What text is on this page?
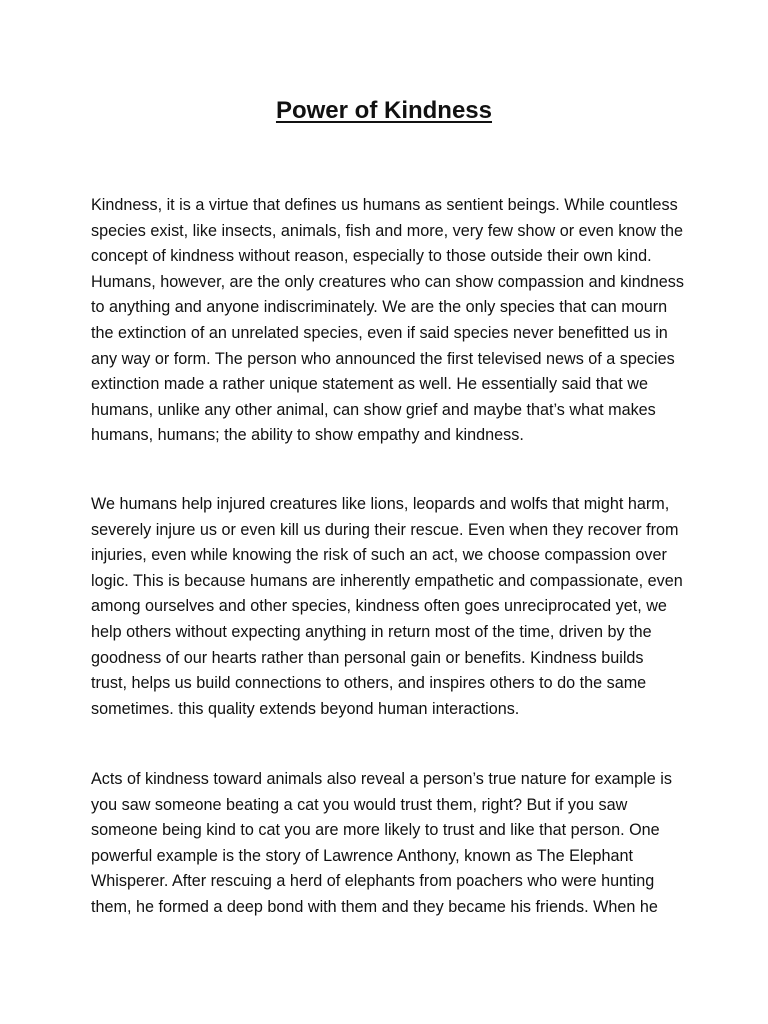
Power of Kindness

Kindness, it is a virtue that defines us humans as sentient beings. While countless
species exist, like insects, animals, fish and more, very few show or even know the
concept of kindness without reason, especially to those outside their own kind.
Humans, however, are the only creatures who can show compassion and kindness
to anything and anyone indiscriminately. We are the only species that can mourn
the extinction of an unrelated species, even if said species never benefitted us in
any way or form. The person who announced the first televised news of a species
extinction made a rather unique statement as well. He essentially said that we
humans, unlike any other animal, can show grief and maybe that’s what makes
humans, humans; the ability to show empathy and kindness.

We humans help injured creatures like lions, leopards and wolfs that might harm,
severely injure us or even kill us during their rescue. Even when they recover from
injuries, even while knowing the risk of such an act, we choose compassion over
logic. This is because humans are inherently empathetic and compassionate, even
among ourselves and other species, kindness often goes unreciprocated yet, we
help others without expecting anything in return most of the time, driven by the
goodness of our hearts rather than personal gain or benefits. Kindness builds
trust, helps us build connections to others, and inspires others to do the same
sometimes. this quality extends beyond human interactions.

Acts of kindness toward animals also reveal a person’s true nature for example is
you saw someone beating a cat you would trust them, right? But if you saw
someone being kind to cat you are more likely to trust and like that person. One
powerful example is the story of Lawrence Anthony, known as The Elephant
Whisperer. After rescuing a herd of elephants from poachers who were hunting
them, he formed a deep bond with them and they became his friends. When he
